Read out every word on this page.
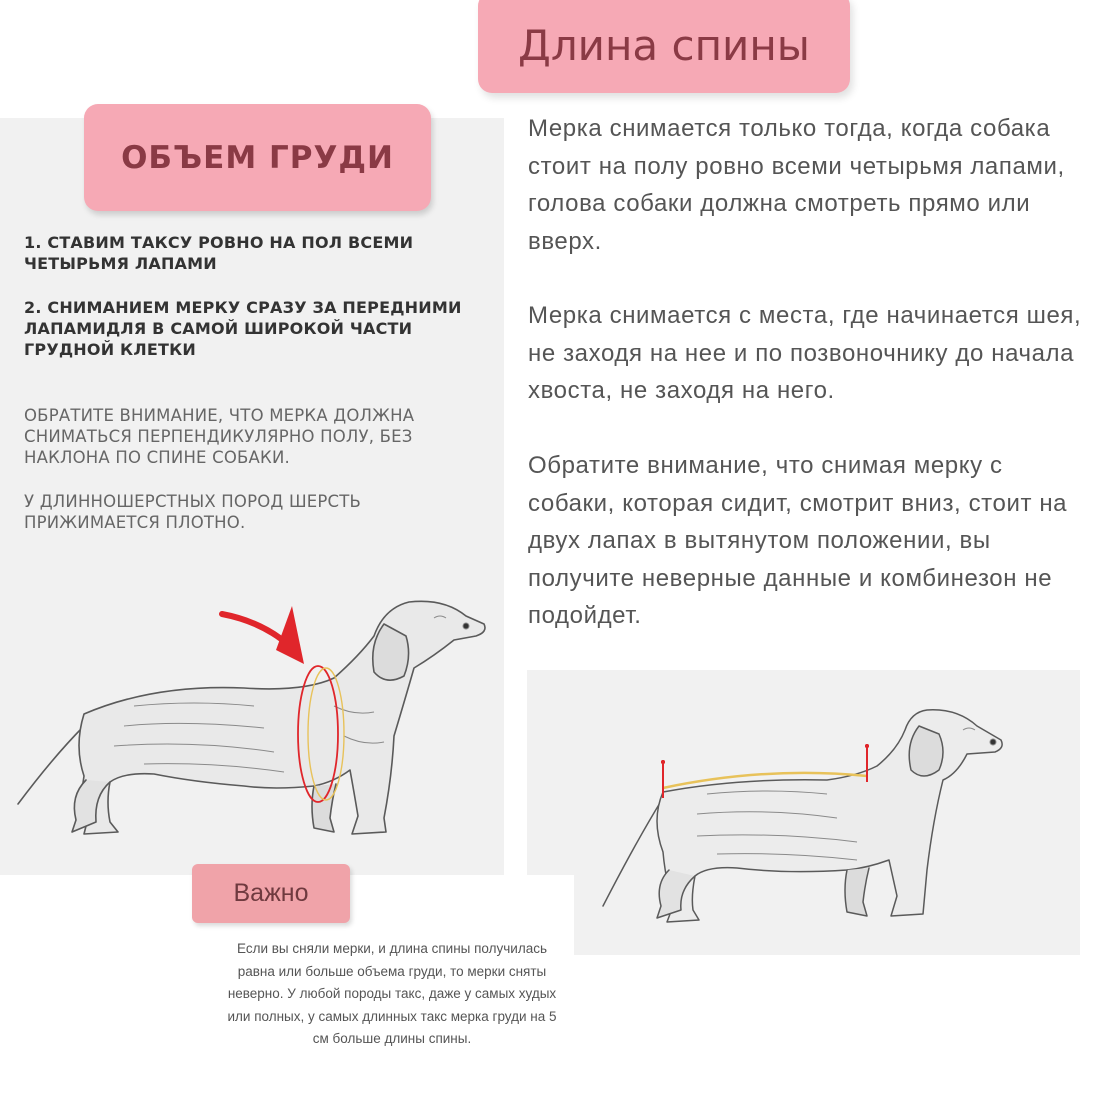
ОБЪЕМ ГРУДИ
1. СТАВИМ ТАКСУ РОВНО НА ПОЛ ВСЕМИ ЧЕТЫРЬМЯ ЛАПАМИ
2. СНИМАНИЕМ МЕРКУ СРАЗУ ЗА ПЕРЕДНИМИ ЛАПАМИДЛЯ В САМОЙ ШИРОКОЙ ЧАСТИ ГРУДНОЙ КЛЕТКИ
ОБРАТИТЕ ВНИМАНИЕ, ЧТО МЕРКА ДОЛЖНА СНИМАТЬСЯ ПЕРПЕНДИКУЛЯРНО ПОЛУ, БЕЗ НАКЛОНА ПО СПИНЕ СОБАКИ.
У ДЛИННОШЕРСТНЫХ ПОРОД ШЕРСТЬ ПРИЖИМАЕТСЯ ПЛОТНО.
Длина спины
Мерка снимается только тогда, когда собака стоит на полу ровно всеми четырьмя лапами, голова собаки должна смотреть прямо или вверх.
Мерка снимается с места, где начинается шея, не заходя на нее и по позвоночнику до начала хвоста, не заходя на него.
Обратите внимание, что снимая мерку с собаки, которая сидит, смотрит вниз, стоит на двух лапах в вытянутом положении, вы получите неверные данные и комбинезон не подойдет.
Важно
Если вы сняли мерки, и длина спины получилась равна или больше объема груди, то мерки сняты неверно. У любой породы такс, даже у самых худых или полных, у самых длинных такс мерка груди на 5 см больше длины спины.
